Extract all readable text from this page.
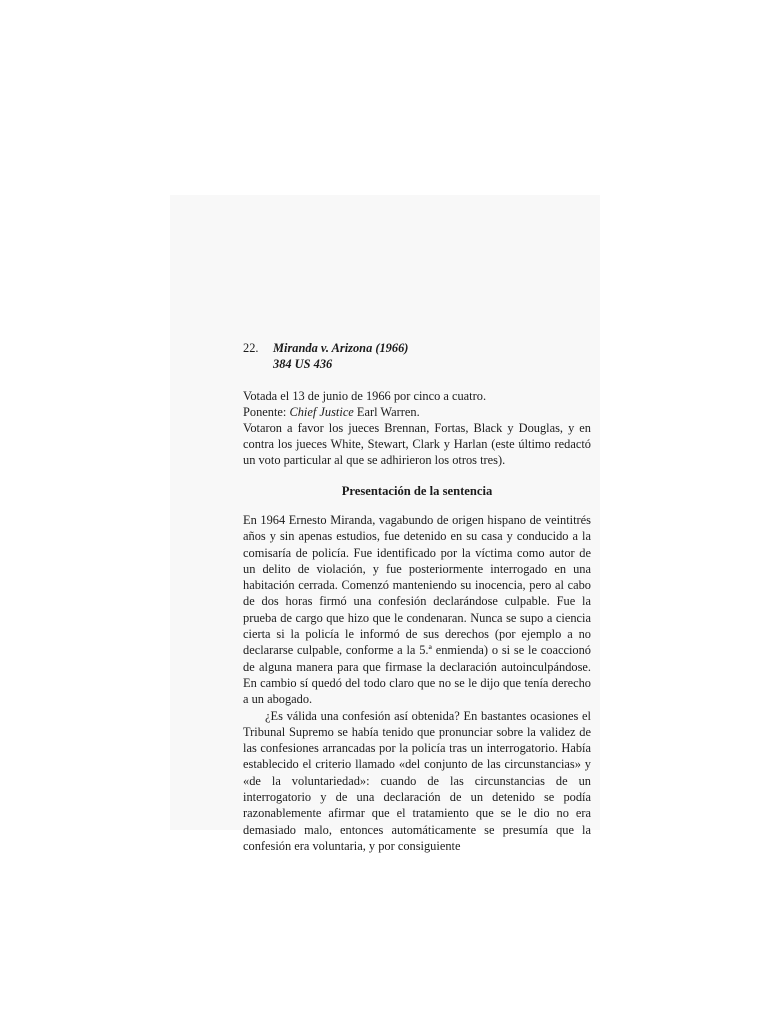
22.	Miranda v. Arizona (1966)
384 US 436
Votada el 13 de junio de 1966 por cinco a cuatro.
Ponente: Chief Justice Earl Warren.
Votaron a favor los jueces Brennan, Fortas, Black y Douglas, y en contra los jueces White, Stewart, Clark y Harlan (este último redactó un voto particular al que se adhirieron los otros tres).
Presentación de la sentencia

En 1964 Ernesto Miranda, vagabundo de origen hispano de veintitrés años y sin apenas estudios, fue detenido en su casa y conducido a la comisaría de policía. Fue identificado por la víctima como autor de un delito de violación, y fue posteriormente interrogado en una habitación cerrada. Comenzó manteniendo su inocencia, pero al cabo de dos horas firmó una confesión declarándose culpable. Fue la prueba de cargo que hizo que le condenaran. Nunca se supo a ciencia cierta si la policía le informó de sus derechos (por ejemplo a no declararse culpable, conforme a la 5.ª enmienda) o si se le coaccionó de alguna manera para que firmase la declaración autoinculpándose. En cambio sí quedó del todo claro que no se le dijo que tenía derecho a un abogado.

¿Es válida una confesión así obtenida? En bastantes ocasiones el Tribunal Supremo se había tenido que pronunciar sobre la validez de las confesiones arrancadas por la policía tras un interrogatorio. Había establecido el criterio llamado «del conjunto de las circunstancias» y «de la voluntariedad»: cuando de las circunstancias de un interrogatorio y de una declaración de un detenido se podía razonablemente afirmar que el tratamiento que se le dio no era demasiado malo, entonces automáticamente se presumía que la confesión era voluntaria, y por consiguiente
